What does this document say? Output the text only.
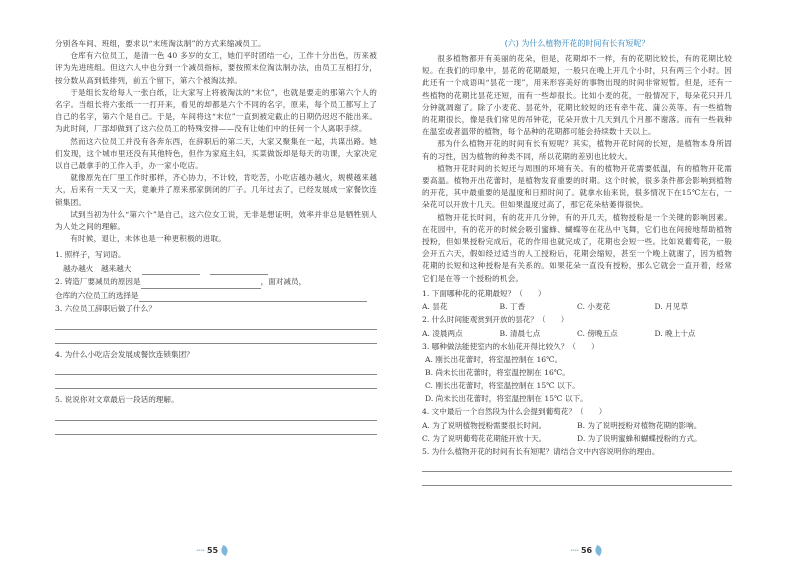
分别各车间、班组，要求以“末班淘汰制”的方式来缩减员工。

仓库有六位员工，是清一色 40 多岁的女工，她们平时团结一心，工作十分出色，历来被评为先进班组。但这六人中也分到一个减员指标，要按照末位淘汰制办法，由员工互相打分，按分数从高到低排列，前五个留下，第六个被淘汰掉。

于是组长发给每人一张白纸，让大家写上将被淘汰的“末位”，也就是要走的那第六个人的名字。当组长将六张纸一一打开来，看见的却都是六个不同的名字，原来，每个员工都写上了自己的名字，第六个是自己。于是，车间将这“末位”一直到被定截止的日期仍迟迟不能出来。为此时间，厂部却做到了这六位员工的特殊安排——没有让她们中的任何一个人离职手续。

然而这六位员工并没有各奔东西，在辞职后的第二天，大家又聚集在一起，共谋出路。她们发现，这个城市里还没有其他特色，但作为家庭主妇，买菜做饭却是每天的功课，大家决定以自己最拿手的工作入手，办一家小吃店。

就像原先在厂里工作时那样，齐心协力，不计较，肯吃苦，小吃店越办越火，规模越来越大，后来有一天又一天，竟兼并了原来那家倒闭的厂子。几年过去了，已经发展成一家餐饮连锁集团。

试到当初为什么“第六个”是自己，这六位女工说，无非是想证明，效率并非总是牺牲别人为人处之间的理解。

有时候，退让，未休也是一种更积极的进取。

1. 照样子，写词语。

越办越火　越来越大

2. 铸造厂要减员的原因是	，面对减员，

仓库的六位员工的选择是

3. 六位员工辞职后做了什么？

4. 为什么小吃店会发展成餐饮连锁集团？

5. 说说你对文章最后一段话的理解。

···· 55

(六) 为什么植物开花的时间有长有短呢？

很多植物都开有美丽的花朵，但是，花期却不一样，有的花期比较长，有的花期比较短。在我们的印象中，昙花的花期最短，一般只在晚上开几个小时，只有两三个小时。因此还有一个成语叫“昙花一现”，用来形容美好的事物出现的时间非常短暂。但是，还有一些植物的花期比昙花还短，而有一些却很长。比如小麦的花，一般情况下，每朵花只开几分钟就凋谢了。除了小麦花、昙花外，花期比较短的还有牵牛花、蒲公英等。有一些植物的花期很长，像是我们常见的吊钟花，花朵开放十几天到几个月都不谢落。而有一些栽种在温室或者温带的植物，每个品种的花期都可能会持续数十天以上。

那为什么植物开花的时间有长有短呢？其实，植物开花时间的长短，是植物本身所固有的习性，因为植物的种类不同，所以花期的差别也比较大。

植物开花时间的长短还与周围的环境有关。有的植物开花需要低温，有的植物开花需要高温。植物开出花蕾时，是植物发育重要的时期。这个时候，很多条件都会影响到植物的开花，其中最重要的是温度和日照时间了。就拿水仙来说，很多情况下在15℃左右，一朵花可以开放十几天。但如果温度过高了，那它花朵枯萎得很快。

植物开花长时间，有的花开几分钟，有的开几天，植物授粉是一个关键的影响因素。在花园中，有的花开的时候会吸引蜜蜂、蝴蝶等在花丛中飞舞，它们也在间接地帮助植物授粉，但如果授粉完成后，花的作用也就完成了，花期也会短一些。比如说葡萄花，一般会开五六天，假如经过适当的人工授粉后，花期会缩短，甚至一个晚上就谢了，因为植物花期的长短和这种授粉是有关系的。如果花朵一直没有授粉，那么它就会一直开着，经常它们是在等一个授粉的机会。

1. 下面哪种花的花期最短？（　　）

A. 昙花	B. 丁香	C. 小麦花	D. 月见草

2. 什么时间能观赏到开放的昙花？（　　）

A. 凌晨两点	B. 清晨七点	C. 傍晚五点	D. 晚上十点

3. 哪种做法能使室内的水仙花开得比较久？（　　）

A. 刚长出花蕾时，将室温控制在 16℃。
B. 尚未长出花蕾时，将室温控制在 16℃。
C. 刚长出花蕾时，将室温控制在 15℃ 以下。
D. 尚未长出花蕾时，将室温控制在 15℃ 以下。

4. 文中最后一个自然段为什么会提到葡萄花？（　　）

A. 为了说明植物授粉需要很长时间。	B. 为了说明授粉对植物花期的影响。
C. 为了说明葡萄花花期能开放十天。	D. 为了说明蜜蜂和蝴蝶授粉的方式。

5. 为什么植物开花的时间有长有短呢？请结合文中内容说明你的理由。

···· 56
